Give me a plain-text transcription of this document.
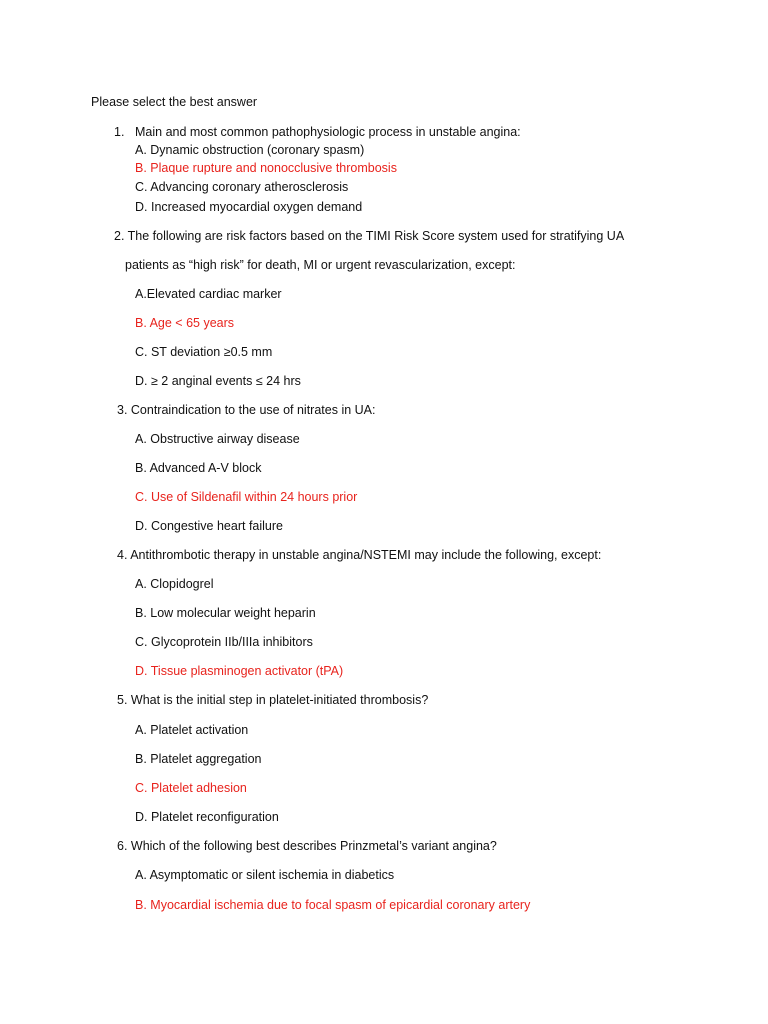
Please select the best answer
1. Main and most common pathophysiologic process in unstable angina:
A. Dynamic obstruction (coronary spasm)
B. Plaque rupture and nonocclusive thrombosis
C. Advancing coronary atherosclerosis
D. Increased myocardial oxygen demand
2. The following are risk factors based on the TIMI Risk Score system used for stratifying UA
patients as “high risk” for death, MI or urgent revascularization, except:
A.Elevated cardiac marker
B. Age < 65 years
C. ST deviation ≥0.5 mm
D. ≥ 2 anginal events ≤ 24 hrs
3. Contraindication to the use of nitrates in UA:
A. Obstructive airway disease
B. Advanced A-V block
C. Use of Sildenafil within 24 hours prior
D. Congestive heart failure
4. Antithrombotic therapy in unstable angina/NSTEMI may include the following, except:
A. Clopidogrel
B. Low molecular weight heparin
C. Glycoprotein IIb/IIIa inhibitors
D. Tissue plasminogen activator (tPA)
5. What is the initial step in platelet-initiated thrombosis?
A. Platelet activation
B. Platelet aggregation
C. Platelet adhesion
D. Platelet reconfiguration
6. Which of the following best describes Prinzmetal’s variant angina?
A. Asymptomatic or silent ischemia in diabetics
B. Myocardial ischemia due to focal spasm of epicardial coronary artery
